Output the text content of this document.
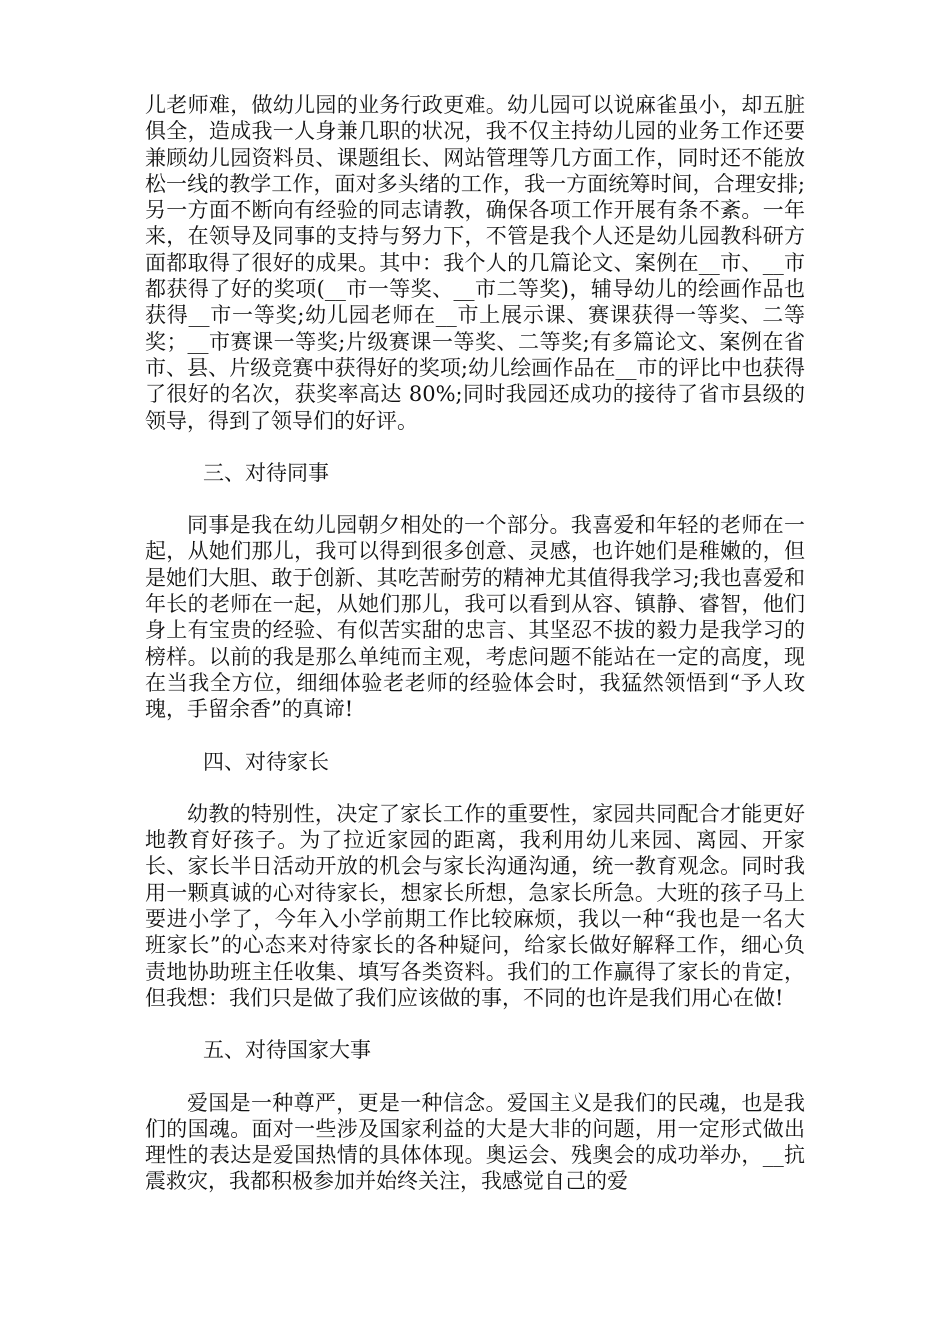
儿老师难，做幼儿园的业务行政更难。幼儿园可以说麻雀虽小，却五脏俱全，造成我一人身兼几职的状况，我不仅主持幼儿园的业务工作还要兼顾幼儿园资料员、课题组长、网站管理等几方面工作，同时还不能放松一线的教学工作，面对多头绪的工作，我一方面统筹时间，合理安排;另一方面不断向有经验的同志请教，确保各项工作开展有条不紊。一年来，在领导及同事的支持与努力下，不管是我个人还是幼儿园教科研方面都取得了很好的成果。其中：我个人的几篇论文、案例在__市、__市都获得了好的奖项(__市一等奖、__市二等奖)，辅导幼儿的绘画作品也获得__市一等奖;幼儿园老师在__市上展示课、赛课获得一等奖、二等奖；__市赛课一等奖;片级赛课一等奖、二等奖;有多篇论文、案例在省市、县、片级竞赛中获得好的奖项;幼儿绘画作品在__市的评比中也获得了很好的名次，获奖率高达 80%;同时我园还成功的接待了省市县级的领导，得到了领导们的好评。

三、对待同事

同事是我在幼儿园朝夕相处的一个部分。我喜爱和年轻的老师在一起，从她们那儿，我可以得到很多创意、灵感，也许她们是稚嫩的，但是她们大胆、敢于创新、其吃苦耐劳的精神尤其值得我学习;我也喜爱和年长的老师在一起，从她们那儿，我可以看到从容、镇静、睿智，他们身上有宝贵的经验、有似苦实甜的忠言、其坚忍不拔的毅力是我学习的榜样。以前的我是那么单纯而主观，考虑问题不能站在一定的高度，现在当我全方位，细细体验老老师的经验体会时，我猛然领悟到“予人玫瑰，手留余香”的真谛!

四、对待家长

幼教的特别性，决定了家长工作的重要性，家园共同配合才能更好地教育好孩子。为了拉近家园的距离，我利用幼儿来园、离园、开家长、家长半日活动开放的机会与家长沟通沟通，统一教育观念。同时我用一颗真诚的心对待家长，想家长所想，急家长所急。大班的孩子马上要进小学了，今年入小学前期工作比较麻烦，我以一种“我也是一名大班家长”的心态来对待家长的各种疑问，给家长做好解释工作，细心负责地协助班主任收集、填写各类资料。我们的工作赢得了家长的肯定，但我想：我们只是做了我们应该做的事，不同的也许是我们用心在做!

五、对待国家大事

爱国是一种尊严，更是一种信念。爱国主义是我们的民魂，也是我们的国魂。面对一些涉及国家利益的大是大非的问题，用一定形式做出理性的表达是爱国热情的具体体现。奥运会、残奥会的成功举办，__抗震救灾，我都积极参加并始终关注，我感觉自己的爱
